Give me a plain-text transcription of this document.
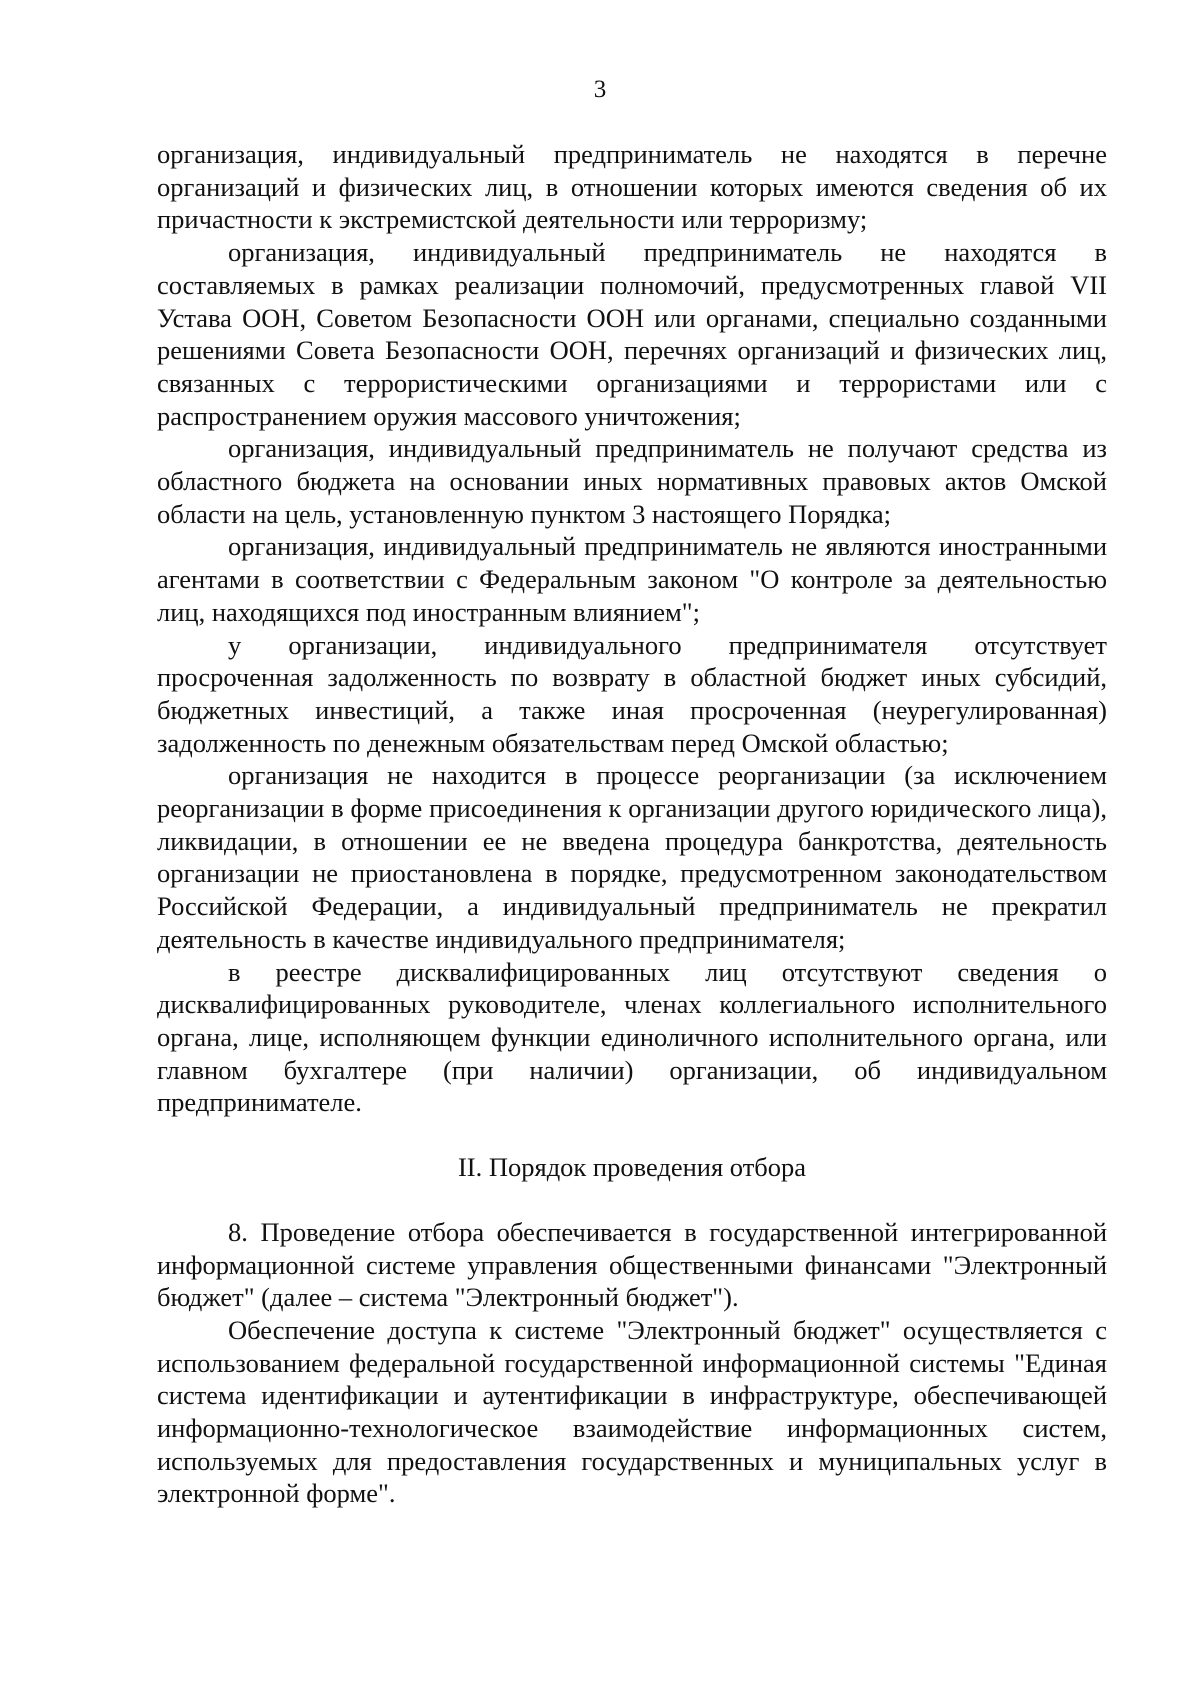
3

организация, индивидуальный предприниматель не находятся в перечне организаций и физических лиц, в отношении которых имеются сведения об их причастности к экстремистской деятельности или терроризму;

организация, индивидуальный предприниматель не находятся в составляемых в рамках реализации полномочий, предусмотренных главой VII Устава ООН, Советом Безопасности ООН или органами, специально созданными решениями Совета Безопасности ООН, перечнях организаций и физических лиц, связанных с террористическими организациями и террористами или с распространением оружия массового уничтожения;

организация, индивидуальный предприниматель не получают средства из областного бюджета на основании иных нормативных правовых актов Омской области на цель, установленную пунктом 3 настоящего Порядка;

организация, индивидуальный предприниматель не являются иностранными агентами в соответствии с Федеральным законом "О контроле за деятельностью лиц, находящихся под иностранным влиянием";

у организации, индивидуального предпринимателя отсутствует просроченная задолженность по возврату в областной бюджет иных субсидий, бюджетных инвестиций, а также иная просроченная (неурегулированная) задолженность по денежным обязательствам перед Омской областью;

организация не находится в процессе реорганизации (за исключением реорганизации в форме присоединения к организации другого юридического лица), ликвидации, в отношении ее не введена процедура банкротства, деятельность организации не приостановлена в порядке, предусмотренном законодательством Российской Федерации, а индивидуальный предприниматель не прекратил деятельность в качестве индивидуального предпринимателя;

в реестре дисквалифицированных лиц отсутствуют сведения о дисквалифицированных руководителе, членах коллегиального исполнительного органа, лице, исполняющем функции единоличного исполнительного органа, или главном бухгалтере (при наличии) организации, об индивидуальном предпринимателе.

II. Порядок проведения отбора

8. Проведение отбора обеспечивается в государственной интегрированной информационной системе управления общественными финансами "Электронный бюджет" (далее – система "Электронный бюджет").

Обеспечение доступа к системе "Электронный бюджет" осуществляется с использованием федеральной государственной информационной системы "Единая система идентификации и аутентификации в инфраструктуре, обеспечивающей информационно-технологическое взаимодействие информационных систем, используемых для предоставления государственных и муниципальных услуг в электронной форме".
